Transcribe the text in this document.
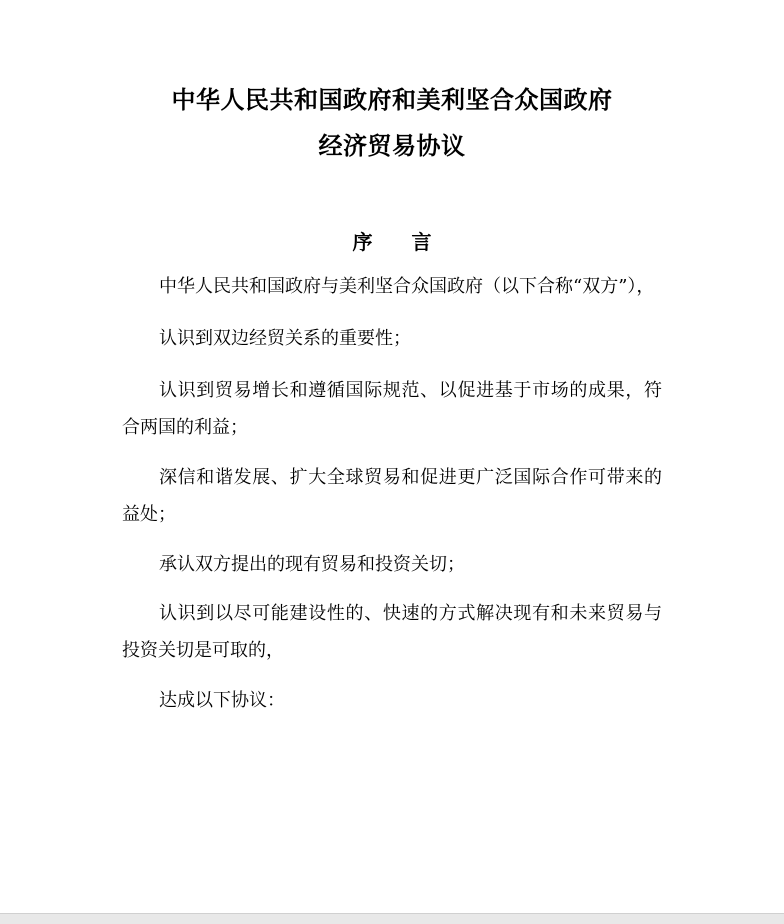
中华人民共和国政府和美利坚合众国政府
经济贸易协议
序 言
中华人民共和国政府与美利坚合众国政府（以下合称“双方”），
认识到双边经贸关系的重要性；
认识到贸易增长和遵循国际规范、以促进基于市场的成果，符合两国的利益；
深信和谐发展、扩大全球贸易和促进更广泛国际合作可带来的益处；
承认双方提出的现有贸易和投资关切；
认识到以尽可能建设性的、快速的方式解决现有和未来贸易与投资关切是可取的，
达成以下协议：
